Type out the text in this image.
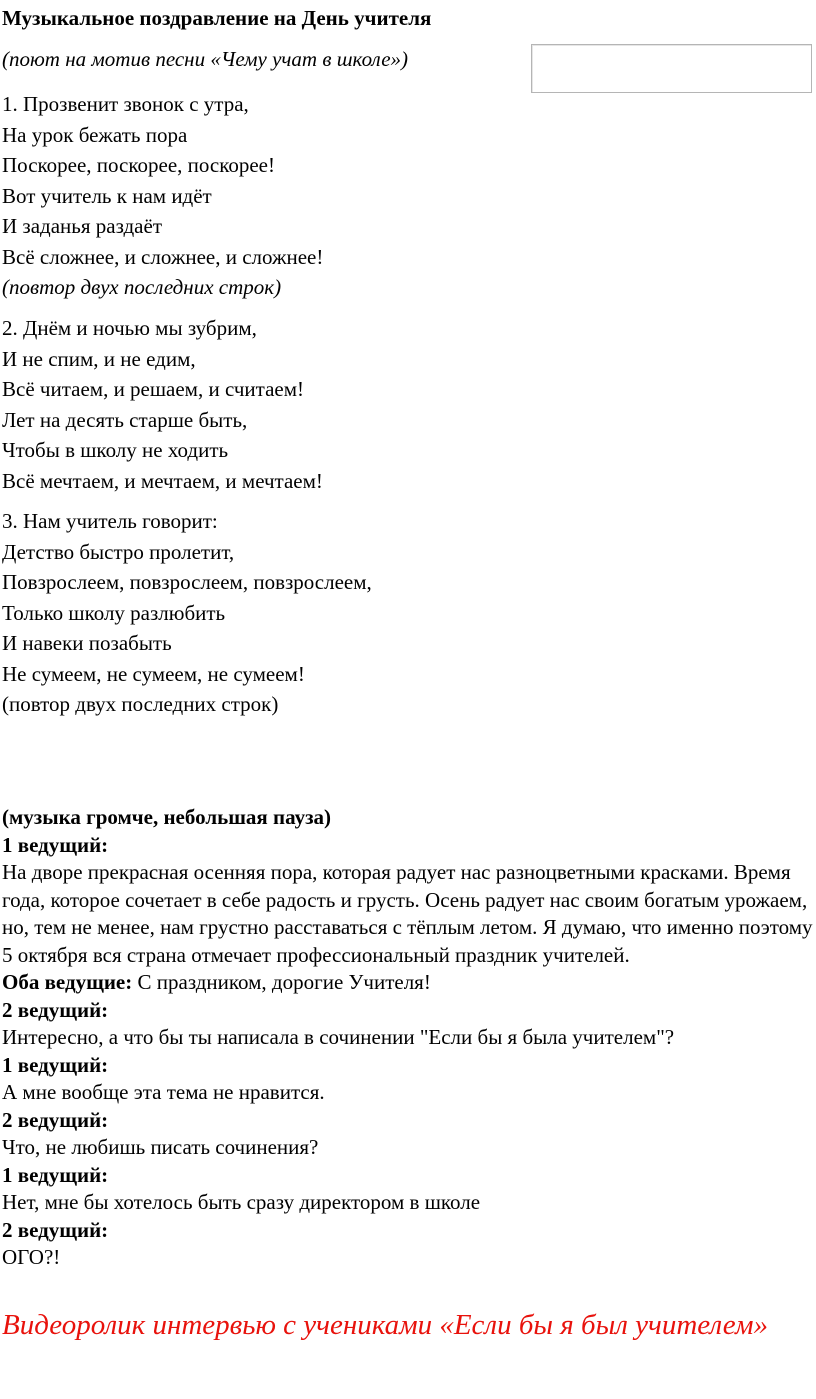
Музыкальное поздравление на День учителя
(поют на мотив песни «Чему учат в школе»)
1. Прозвенит звонок с утра,
На урок бежать пора
Поскорее, поскорее, поскорее!
Вот учитель к нам идёт
И заданья раздаёт
Всё сложнее, и сложнее, и сложнее!
(повтор двух последних строк)
2. Днём и ночью мы зубрим,
И не спим, и не едим,
Всё читаем, и решаем, и считаем!
Лет на десять старше быть,
Чтобы в школу не ходить
Всё мечтаем, и мечтаем, и мечтаем!
3. Нам учитель говорит:
Детство быстро пролетит,
Повзрослеем, повзрослеем, повзрослеем,
Только школу разлюбить
И навеки позабыть
Не сумеем, не сумеем, не сумеем!
(повтор двух последних строк)

(музыка громче, небольшая пауза)

1 ведущий:

На дворе прекрасная осенняя пора, которая радует нас разноцветными красками. Время года, которое сочетает в себе радость и грусть. Осень радует нас своим богатым урожаем, но, тем не менее, нам грустно расставаться с тёплым летом. Я думаю, что именно поэтому 5 октября вся страна отмечает профессиональный праздник учителей.

Оба ведущие: С праздником, дорогие Учителя!

2 ведущий:

Интересно, а что бы ты написала в сочинении "Если бы я была учителем"?

1 ведущий:

А мне вообще эта тема не нравится.

2 ведущий:

Что, не любишь писать сочинения?

1 ведущий:

Нет, мне бы хотелось быть сразу директором в школе

2 ведущий:

ОГО?!

Видеоролик интервью с учениками «Если бы я был учителем»
